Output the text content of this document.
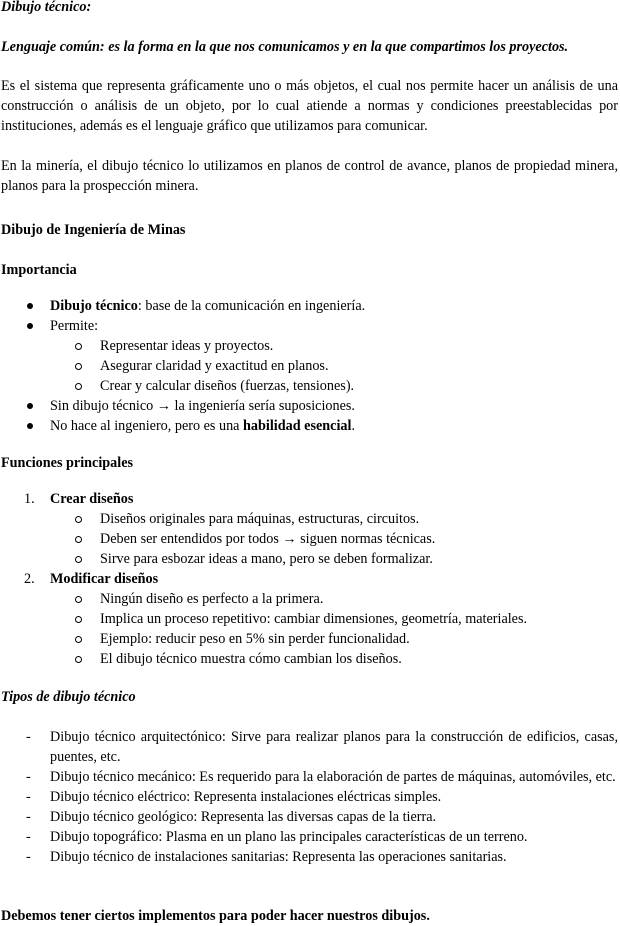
Dibujo técnico:
Lenguaje común: es la forma en la que nos comunicamos y en la que compartimos los proyectos.

Es el sistema que representa gráficamente uno o más objetos, el cual nos permite hacer un análisis de una construcción o análisis de un objeto, por lo cual atiende a normas y condiciones preestablecidas por instituciones, además es el lenguaje gráfico que utilizamos para comunicar.

En la minería, el dibujo técnico lo utilizamos en planos de control de avance, planos de propiedad minera, planos para la prospección minera.

Dibujo de Ingeniería de Minas
Importancia
Dibujo técnico: base de la comunicación en ingeniería.
Permite:
Representar ideas y proyectos.
Asegurar claridad y exactitud en planos.
Crear y calcular diseños (fuerzas, tensiones).
Sin dibujo técnico → la ingeniería sería suposiciones.
No hace al ingeniero, pero es una habilidad esencial.
Funciones principales
1. Crear diseños
Diseños originales para máquinas, estructuras, circuitos.
Deben ser entendidos por todos → siguen normas técnicas.
Sirve para esbozar ideas a mano, pero se deben formalizar.
2. Modificar diseños
Ningún diseño es perfecto a la primera.
Implica un proceso repetitivo: cambiar dimensiones, geometría, materiales.
Ejemplo: reducir peso en 5% sin perder funcionalidad.
El dibujo técnico muestra cómo cambian los diseños.
Tipos de dibujo técnico
- Dibujo técnico arquitectónico: Sirve para realizar planos para la construcción de edificios, casas, puentes, etc.
- Dibujo técnico mecánico: Es requerido para la elaboración de partes de máquinas, automóviles, etc.
- Dibujo técnico eléctrico: Representa instalaciones eléctricas simples.
- Dibujo técnico geológico: Representa las diversas capas de la tierra.
- Dibujo topográfico: Plasma en un plano las principales características de un terreno.
- Dibujo técnico de instalaciones sanitarias: Representa las operaciones sanitarias.
Debemos tener ciertos implementos para poder hacer nuestros dibujos.
